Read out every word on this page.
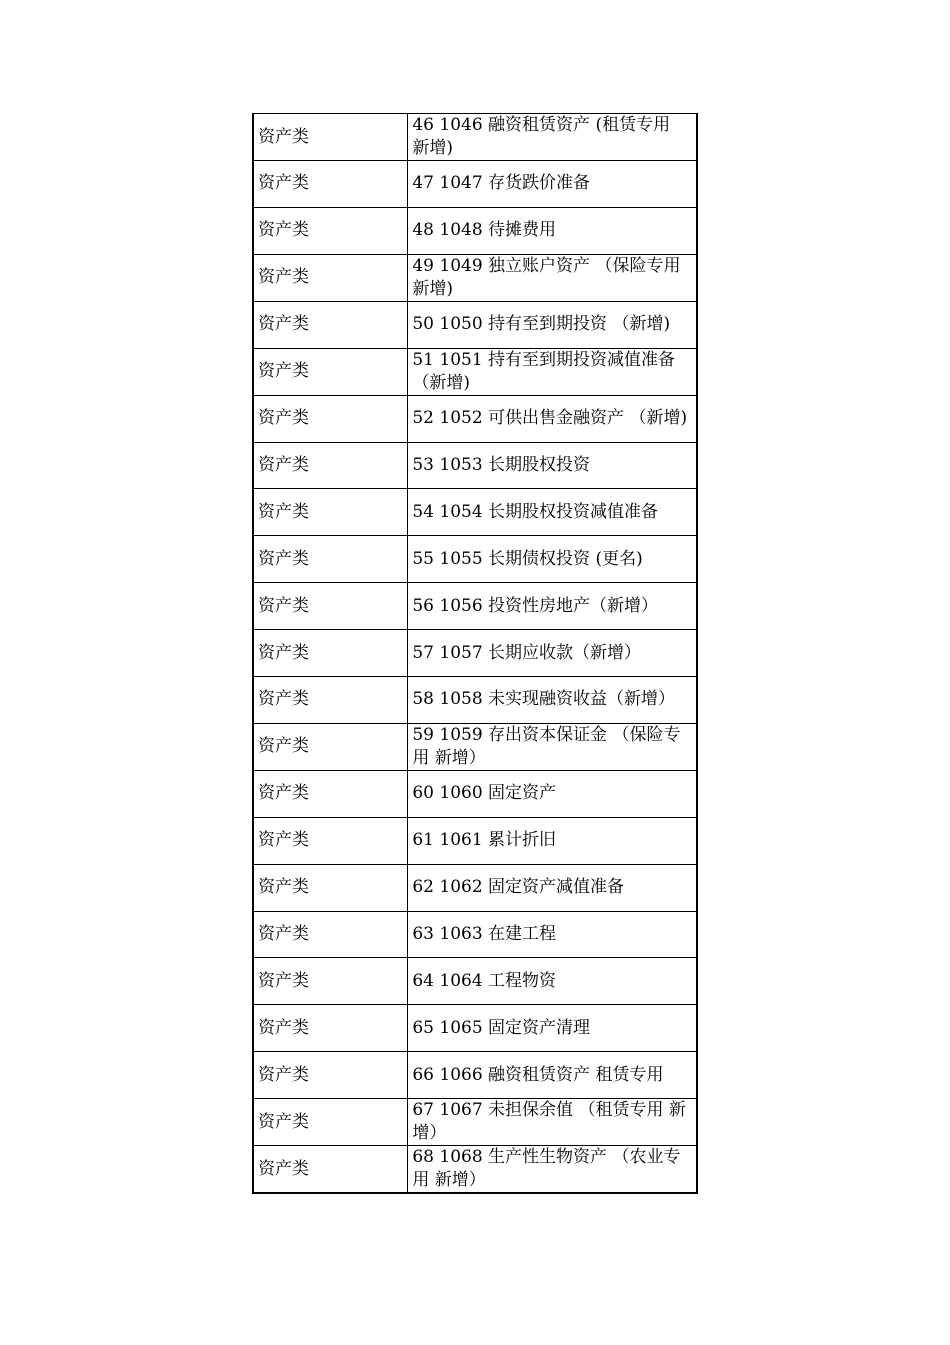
资产类	46 1046 融资租赁资产 (租赁专用 新增)
资产类	47 1047 存货跌价准备
资产类	48 1048 待摊费用
资产类	49 1049 独立账户资产 （保险专用 新增)
资产类	50 1050 持有至到期投资 （新增)
资产类	51 1051 持有至到期投资减值准备 （新增)
资产类	52 1052 可供出售金融资产 （新增)
资产类	53 1053 长期股权投资
资产类	54 1054 长期股权投资减值准备
资产类	55 1055 长期债权投资 (更名)
资产类	56 1056 投资性房地产（新增）
资产类	57 1057 长期应收款（新增）
资产类	58 1058 未实现融资收益（新增）
资产类	59 1059 存出资本保证金 （保险专用 新增）
资产类	60 1060 固定资产
资产类	61 1061 累计折旧
资产类	62 1062 固定资产减值准备
资产类	63 1063 在建工程
资产类	64 1064 工程物资
资产类	65 1065 固定资产清理
资产类	66 1066 融资租赁资产 租赁专用
资产类	67 1067 未担保余值 （租赁专用 新增）
资产类	68 1068 生产性生物资产 （农业专用 新增）
